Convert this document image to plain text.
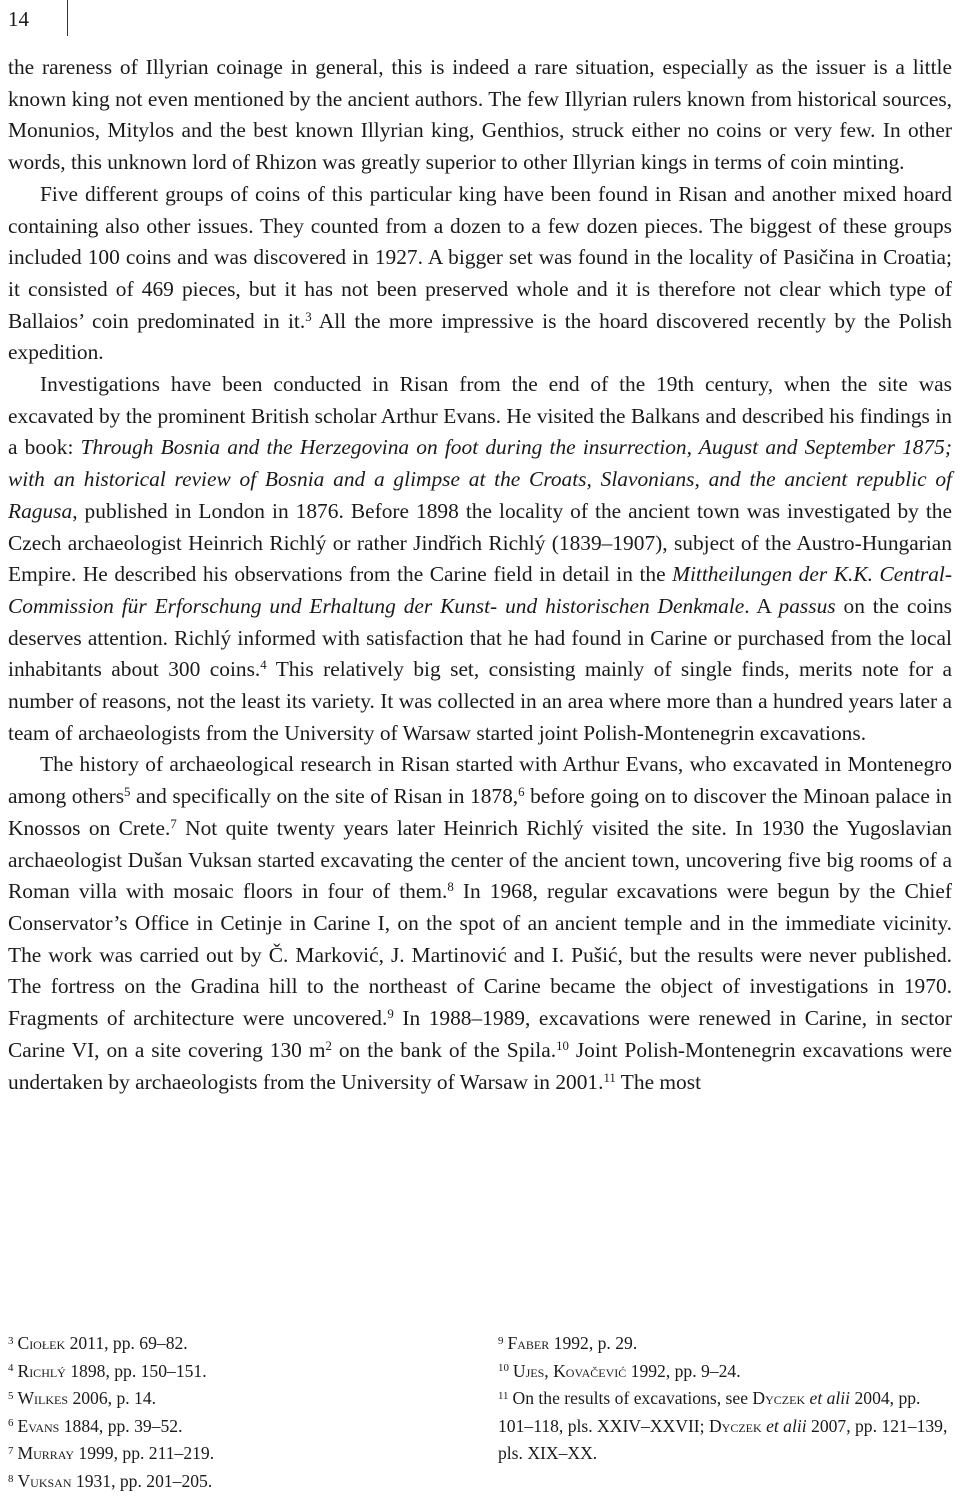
14

the rareness of Illyrian coinage in general, this is indeed a rare situation, especially as the issuer is a little known king not even mentioned by the ancient authors. The few Illyrian rulers known from historical sources, Monunios, Mitylos and the best known Illyrian king, Genthios, struck either no coins or very few. In other words, this unknown lord of Rhizon was greatly superior to other Illyrian kings in terms of coin minting.

Five different groups of coins of this particular king have been found in Risan and another mixed hoard containing also other issues. They counted from a dozen to a few dozen pieces. The biggest of these groups included 100 coins and was discovered in 1927. A bigger set was found in the locality of Pasičina in Croatia; it consisted of 469 pieces, but it has not been preserved whole and it is therefore not clear which type of Ballaios’ coin predominated in it.$^3$ All the more impressive is the hoard discovered recently by the Polish expedition.

Investigations have been conducted in Risan from the end of the 19th century, when the site was excavated by the prominent British scholar Arthur Evans. He visited the Balkans and described his findings in a book: Through Bosnia and the Herzegovina on foot during the insurrection, August and September 1875; with an historical review of Bosnia and a glimpse at the Croats, Slavonians, and the ancient republic of Ragusa, published in London in 1876. Before 1898 the locality of the ancient town was investigated by the Czech archaeologist Heinrich Richlý or rather Jindřich Richlý (1839–1907), subject of the Austro-Hungarian Empire. He described his observations from the Carine field in detail in the Mittheilungen der K.K. Central-Commission für Erforschung und Erhaltung der Kunst- und historischen Denkmale. A passus on the coins deserves attention. Richlý informed with satisfaction that he had found in Carine or purchased from the local inhabitants about 300 coins.$^4$ This relatively big set, consisting mainly of single finds, merits note for a number of reasons, not the least its variety. It was collected in an area where more than a hundred years later a team of archaeologists from the University of Warsaw started joint Polish-Montenegrin excavations.

The history of archaeological research in Risan started with Arthur Evans, who excavated in Montenegro among others$^5$ and specifically on the site of Risan in 1878,$^6$ before going on to discover the Minoan palace in Knossos on Crete.$^7$ Not quite twenty years later Heinrich Richlý visited the site. In 1930 the Yugoslavian archaeologist Dušan Vuksan started excavating the center of the ancient town, uncovering five big rooms of a Roman villa with mosaic floors in four of them.$^8$ In 1968, regular excavations were begun by the Chief Conservator’s Office in Cetinje in Carine I, on the spot of an ancient temple and in the immediate vicinity. The work was carried out by Č. Marković, J. Martinović and I. Pušić, but the results were never published. The fortress on the Gradina hill to the northeast of Carine became the object of investigations in 1970. Fragments of architecture were uncovered.$^9$ In 1988–1989, excavations were renewed in Carine, in sector Carine VI, on a site covering 130 $m^2$ on the bank of the Spila.$^{10}$ Joint Polish-Montenegrin excavations were undertaken by archaeologists from the University of Warsaw in 2001.11 The most

$^3$ Ciołek 2011, pp. 69–82.

$^4$ Richlý 1898, pp. 150–151.

$^5$ Wilkes 2006, p. 14.

$^6$ Evans 1884, pp. 39–52.

$^7$ Murray 1999, pp. 211–219.

$^8$ Vuksan 1931, pp. 201–205.

$^9$ Faber 1992, p. 29.

$^{10}$ Ujes, Kovačević 1992, pp. 9–24.

$^{11}$ On the results of excavations, see Dyczek et alii 2004, pp. 101–118, pls. XXIV–XXVII; Dyczek et alii 2007, pp. 121–139, pls. XIX–XX.
